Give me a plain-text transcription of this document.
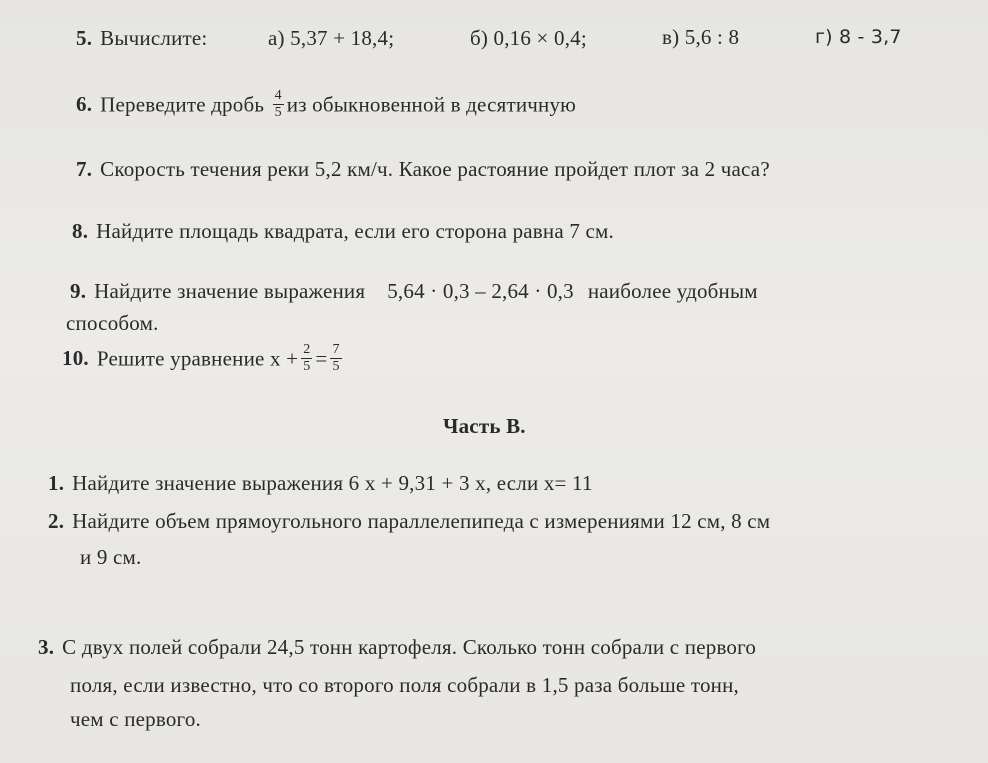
5. Вычислите:	а) 5,37 + 18,4;	б) 0,16 × 0,4;	в) 5,6 : 8	г) 8 - 3,7
6. Переведите дробь $\frac{4}{5}$ из обыкновенной в десятичную
7. Скорость течения реки 5,2 км/ч. Какое растояние пройдет плот за 2 часа?
8. Найдите площадь квадрата, если его сторона равна 7 см.
9. Найдите значение выражения 5,64 · 0,3 – 2,64 · 0,3 наиболее удобным
способом.
10. Решите уравнение $x + \frac{2}{5} = \frac{7}{5}$
Часть В.
1. Найдите значение выражения 6 x + 9,31 + 3 x, если x= 11
2. Найдите объем прямоугольного параллелепипеда с измерениями 12 см, 8 см
и 9 см.
3. С двух полей собрали 24,5 тонн картофеля. Сколько тонн собрали с первого
поля, если известно, что со второго поля собрали в 1,5 раза больше тонн,
чем с первого.
